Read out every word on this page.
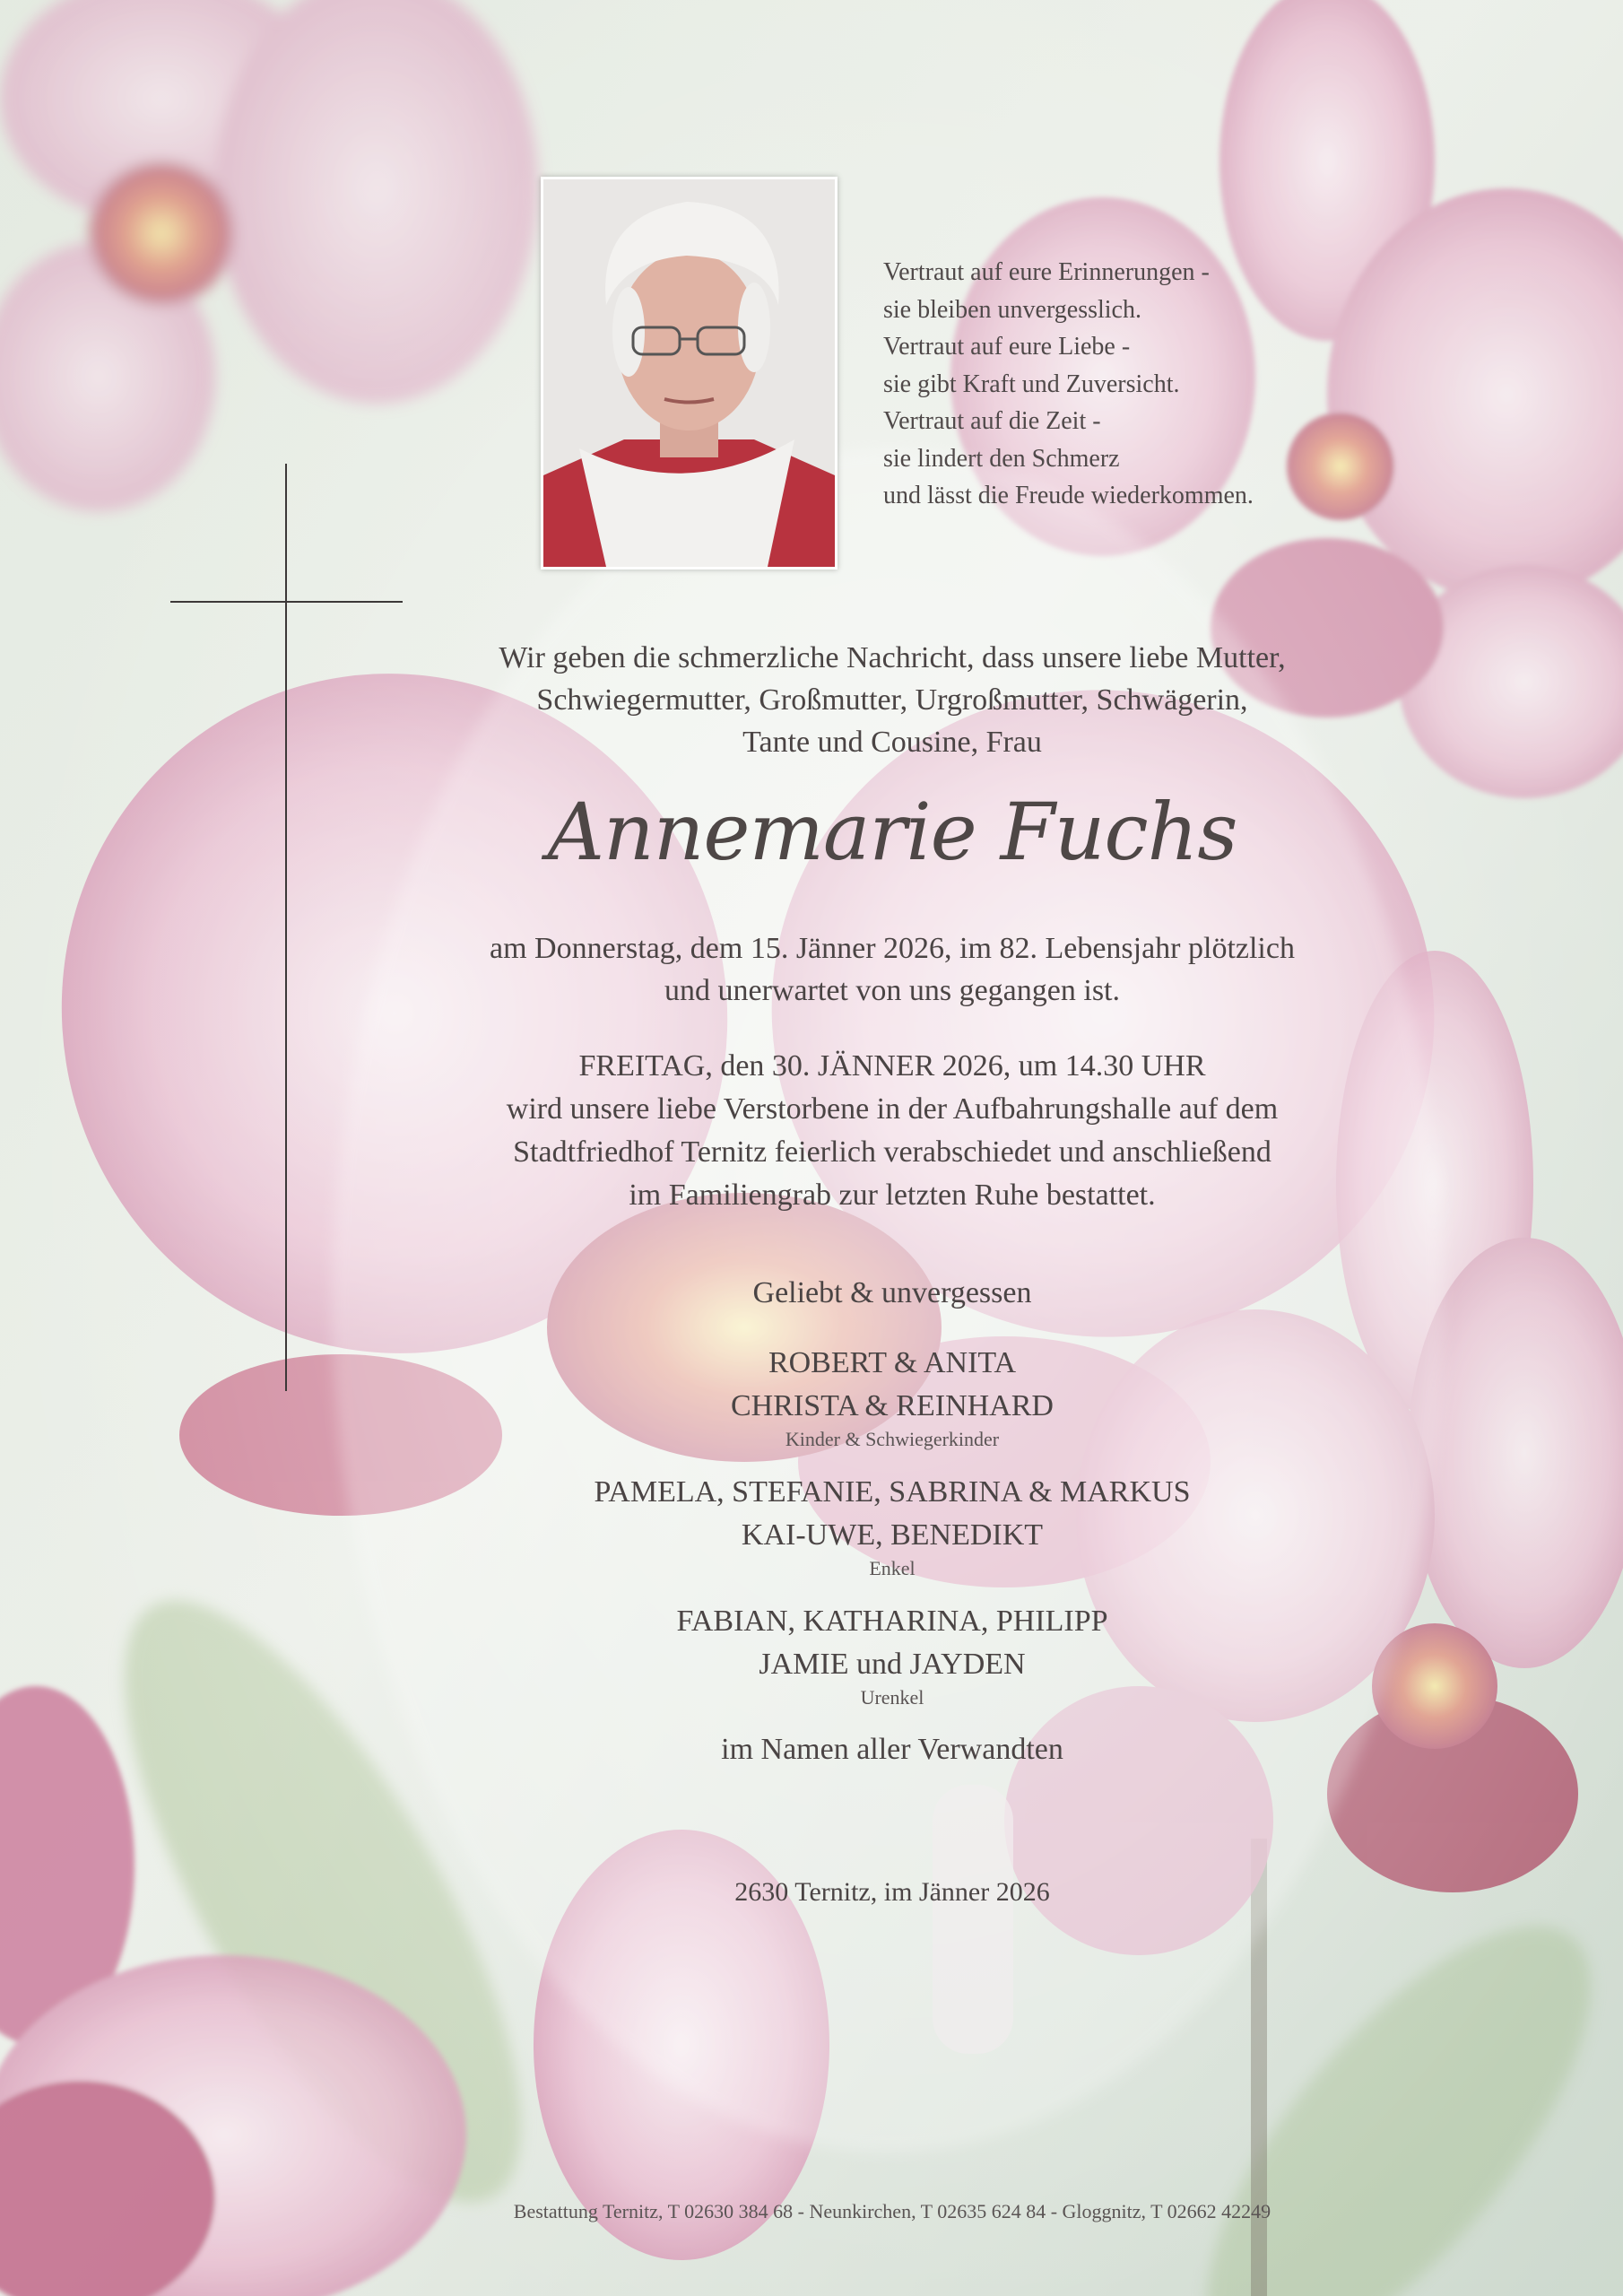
Vertraut auf eure Erinnerungen -
sie bleiben unvergesslich.
Vertraut auf eure Liebe -
sie gibt Kraft und Zuversicht.
Vertraut auf die Zeit -
sie lindert den Schmerz
und lässt die Freude wiederkommen.
Wir geben die schmerzliche Nachricht, dass unsere liebe Mutter,
Schwiegermutter, Großmutter, Urgroßmutter, Schwägerin,
Tante und Cousine, Frau
Annemarie Fuchs
am Donnerstag, dem 15. Jänner 2026, im 82. Lebensjahr plötzlich
und unerwartet von uns gegangen ist.
FREITAG, den 30. JÄNNER 2026, um 14.30 UHR
wird unsere liebe Verstorbene in der Aufbahrungshalle auf dem
Stadtfriedhof Ternitz feierlich verabschiedet und anschließend
im Familiengrab zur letzten Ruhe bestattet.
Geliebt & unvergessen
ROBERT & ANITA
CHRISTA & REINHARD
Kinder & Schwiegerkinder
PAMELA, STEFANIE, SABRINA & MARKUS
KAI-UWE, BENEDIKT
Enkel
FABIAN, KATHARINA, PHILIPP
JAMIE und JAYDEN
Urenkel
im Namen aller Verwandten
2630 Ternitz, im Jänner 2026
Bestattung Ternitz, T 02630 384 68 - Neunkirchen, T 02635 624 84 - Gloggnitz, T 02662 42249
